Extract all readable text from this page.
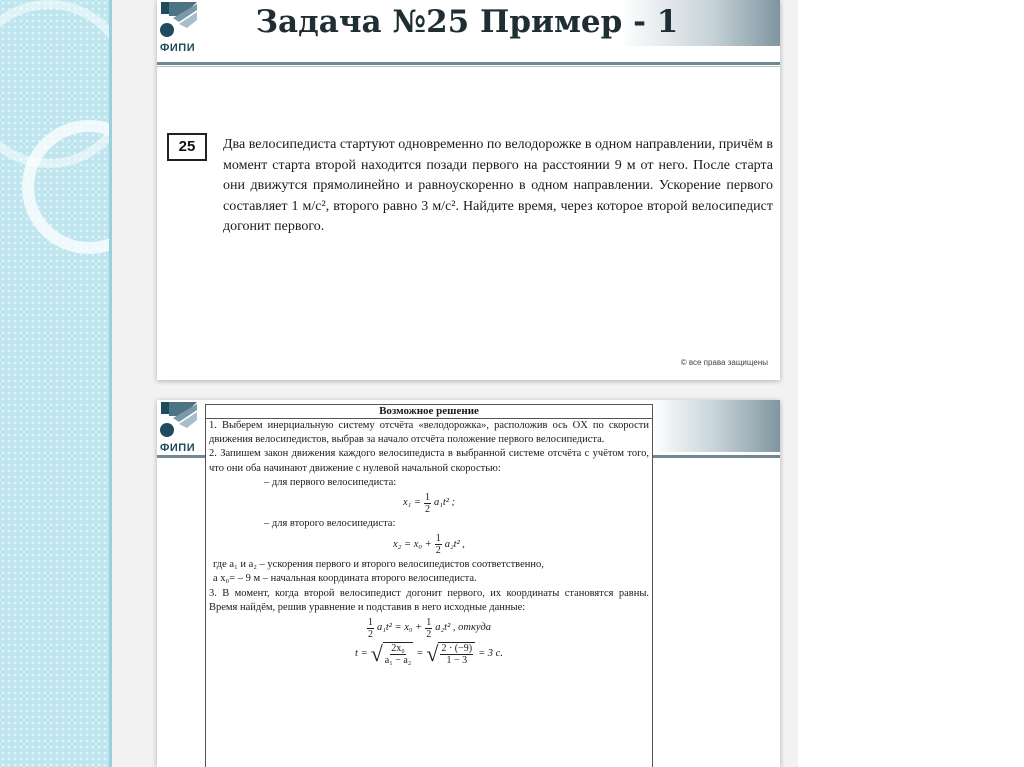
ФИПИ
Задача №25 Пример - 1
25	Два велосипедиста стартуют одновременно по велодорожке в одном направлении, причём в момент старта второй находится позади первого на расстоянии 9 м от него. После старта они движутся прямолинейно и равноускоренно в одном направлении. Ускорение первого составляет 1 м/с², второго равно 3 м/с². Найдите время, через которое второй велосипедист догонит первого.
© все права защищены
ФИПИ
Возможное решение

1. Выберем инерциальную систему отсчёта «велодорожка», расположив ось OX по скорости движения велосипедистов, выбрав за начало отсчёта положение первого велосипедиста.

2. Запишем закон движения каждого велосипедиста в выбранной системе отсчёта с учётом того, что они оба начинают движение с нулевой начальной скоростью:

– для первого велосипедиста:

$x_1 = \frac{1}{2} a_1t^2$ ;

– для второго велосипедиста:

$x_2 = x_0 + \frac{1}{2} a_2t^2$ ,

где a₁ и a₂ – ускорения первого и второго велосипедистов соответственно,

а x₀= – 9 м – начальная координата второго велосипедиста.

3. В момент, когда второй велосипедист догонит первого, их координаты становятся равны. Время найдём, решив уравнение и подставив в него исходные данные:

$\frac{1}{2} a_1t^2 = x_0 + \frac{1}{2} a_2t^2$ , откуда
t = √ $\frac{\text{2x₀}}{\text{a₁ − a₂}}$ = √ $\frac{2 \cdot (-9)}{1 - 3} = 3$ с.
